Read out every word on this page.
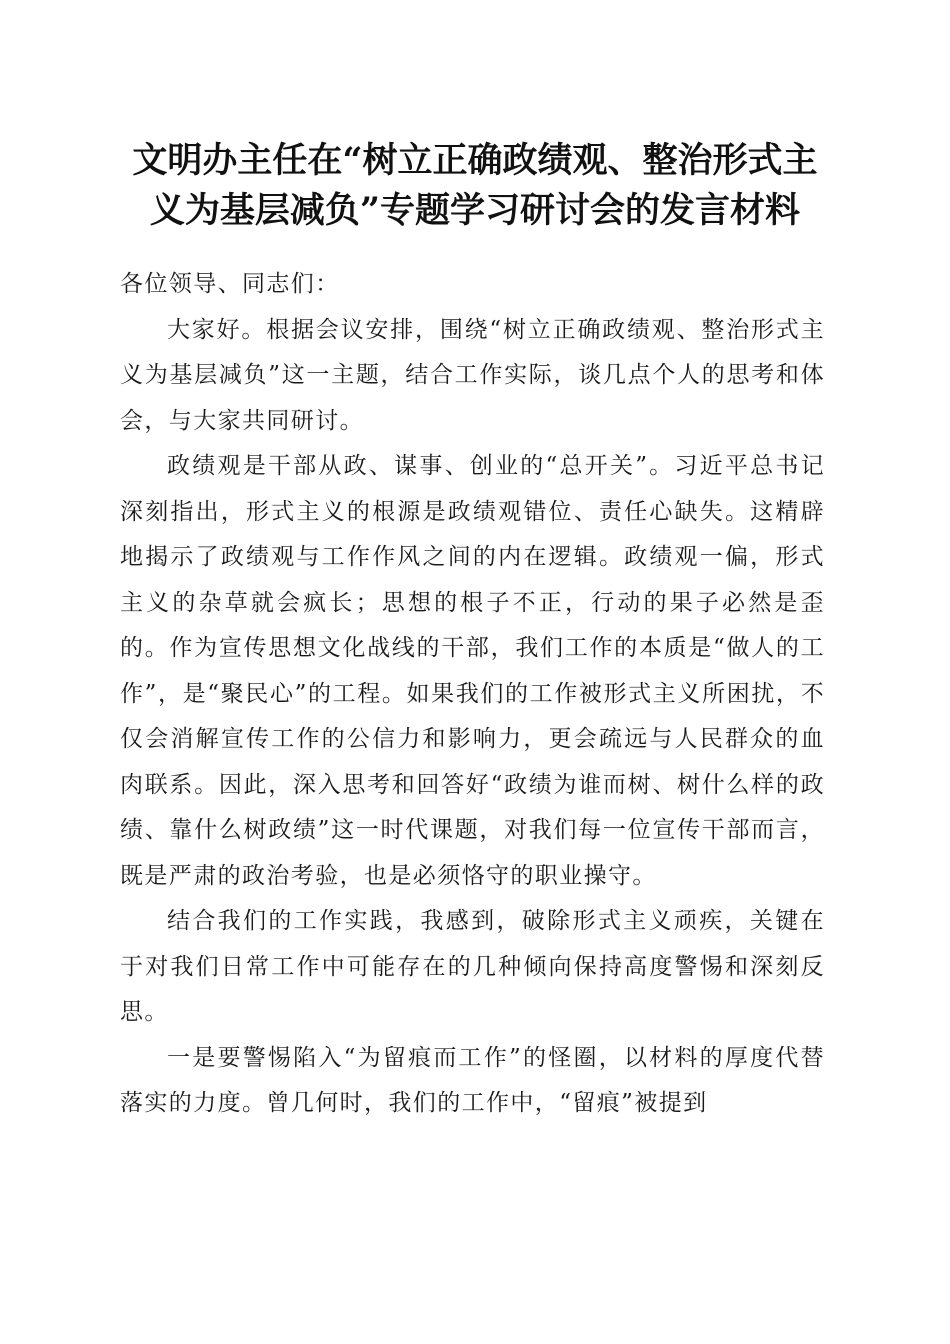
文明办主任在“树立正确政绩观、整治形式主
义为基层减负”专题学习研讨会的发言材料

各位领导、同志们：

大家好。根据会议安排，围绕“树立正确政绩观、整治形式主义为基层减负”这一主题，结合工作实际，谈几点个人的思考和体会，与大家共同研讨。

政绩观是干部从政、谋事、创业的“总开关”。习近平总书记深刻指出，形式主义的根源是政绩观错位、责任心缺失。这精辟地揭示了政绩观与工作作风之间的内在逻辑。政绩观一偏，形式主义的杂草就会疯长；思想的根子不正，行动的果子必然是歪的。作为宣传思想文化战线的干部，我们工作的本质是“做人的工作”，是“聚民心”的工程。如果我们的工作被形式主义所困扰，不仅会消解宣传工作的公信力和影响力，更会疏远与人民群众的血肉联系。因此，深入思考和回答好“政绩为谁而树、树什么样的政绩、靠什么树政绩”这一时代课题，对我们每一位宣传干部而言，既是严肃的政治考验，也是必须恪守的职业操守。

结合我们的工作实践，我感到，破除形式主义顽疾，关键在于对我们日常工作中可能存在的几种倾向保持高度警惕和深刻反思。

一是要警惕陷入“为留痕而工作”的怪圈，以材料的厚度代替落实的力度。曾几何时，我们的工作中，“留痕”被提到
